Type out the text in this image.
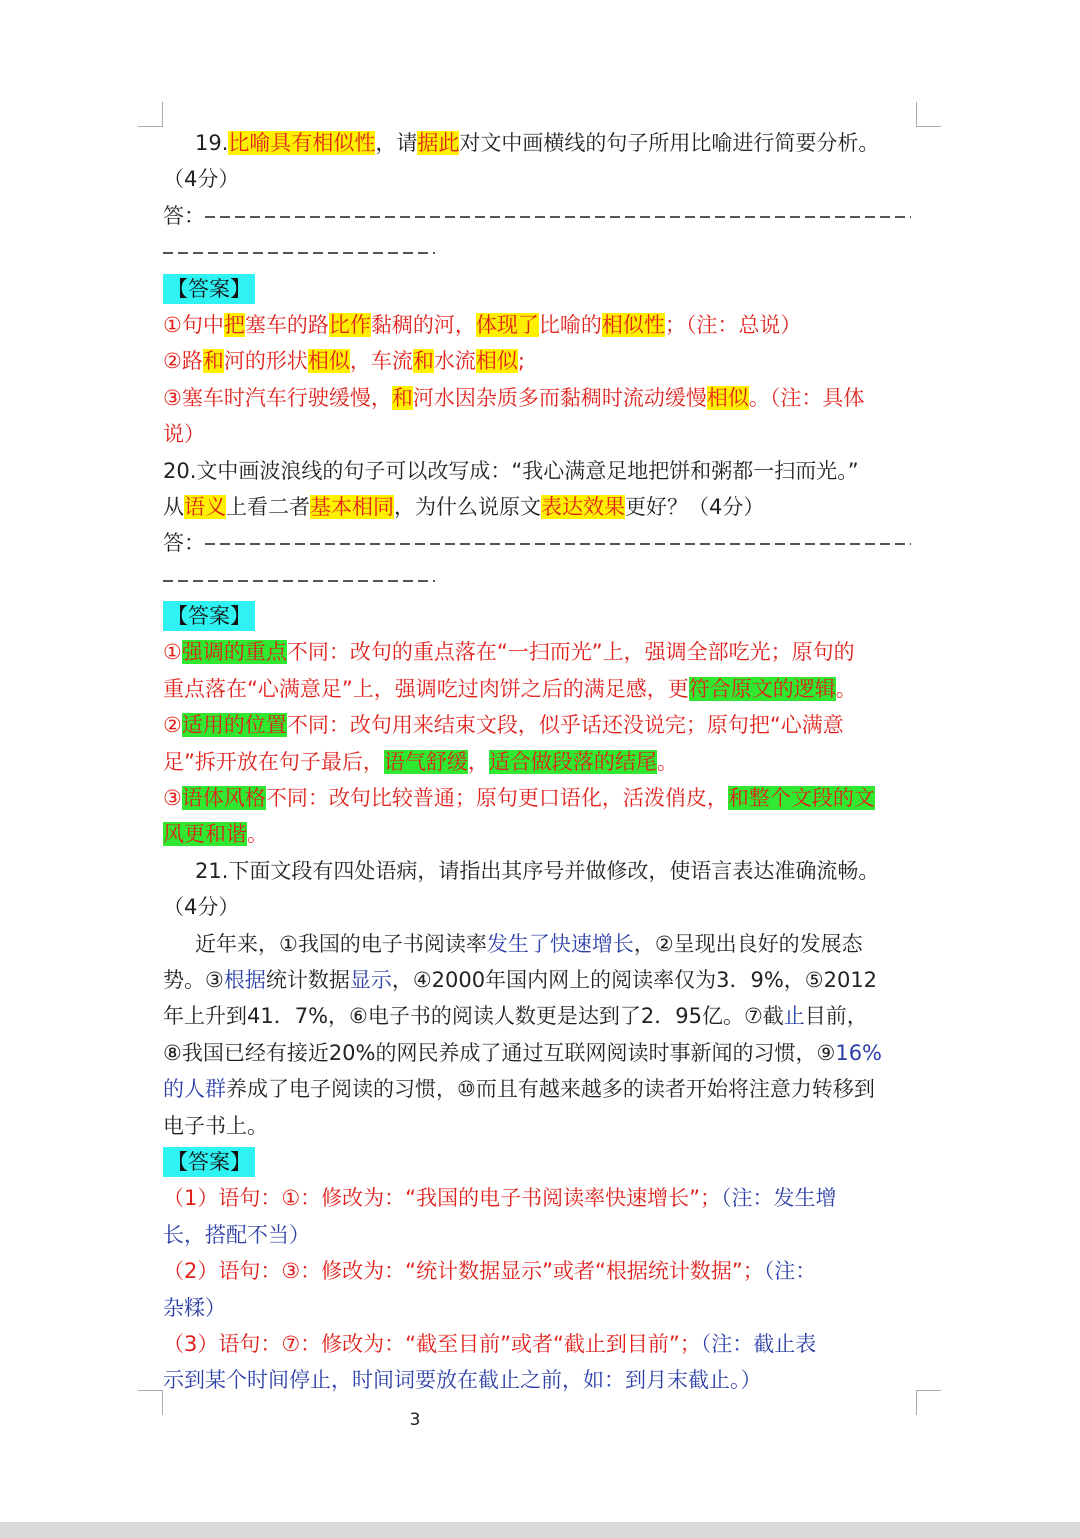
19.比喻具有相似性，请据此对文中画横线的句子所用比喻进行简要分析。
（4分）
答：
【答案】
①句中把塞车的路比作黏稠的河，体现了比喻的相似性；（注：总说）
②路和河的形状相似，车流和水流相似;
③塞车时汽车行驶缓慢，和河水因杂质多而黏稠时流动缓慢相似。（注：具体
说）
20.文中画波浪线的句子可以改写成：“我心满意足地把饼和粥都一扫而光。”
从语义上看二者基本相同，为什么说原文表达效果更好？（4分）
答：
【答案】
①强调的重点不同：改句的重点落在“一扫而光”上，强调全部吃光；原句的
重点落在“心满意足”上，强调吃过肉饼之后的满足感，更符合原文的逻辑。
②适用的位置不同：改句用来结束文段，似乎话还没说完；原句把“心满意
足”拆开放在句子最后，语气舒缓，适合做段落的结尾。
③语体风格不同：改句比较普通；原句更口语化，活泼俏皮，和整个文段的文
风更和谐。
21.下面文段有四处语病，请指出其序号并做修改，使语言表达准确流畅。
（4分）
近年来，①我国的电子书阅读率发生了快速增长，②呈现出良好的发展态
势。③根据统计数据显示，④2000年国内网上的阅读率仅为3．9%，⑤2012
年上升到41．7%，⑥电子书的阅读人数更是达到了2．95亿。⑦截止目前，
⑧我国已经有接近20%的网民养成了通过互联网阅读时事新闻的习惯，⑨16%
的人群养成了电子阅读的习惯，⑩而且有越来越多的读者开始将注意力转移到
电子书上。
【答案】
（1）语句：①：修改为：“我国的电子书阅读率快速增长”；（注：发生增
长，搭配不当）
（2）语句：③：修改为：“统计数据显示”或者“根据统计数据”；（注：
杂糅）
（3）语句：⑦：修改为：“截至目前”或者“截止到目前”；（注：截止表
示到某个时间停止，时间词要放在截止之前，如：到月末截止。）
3
